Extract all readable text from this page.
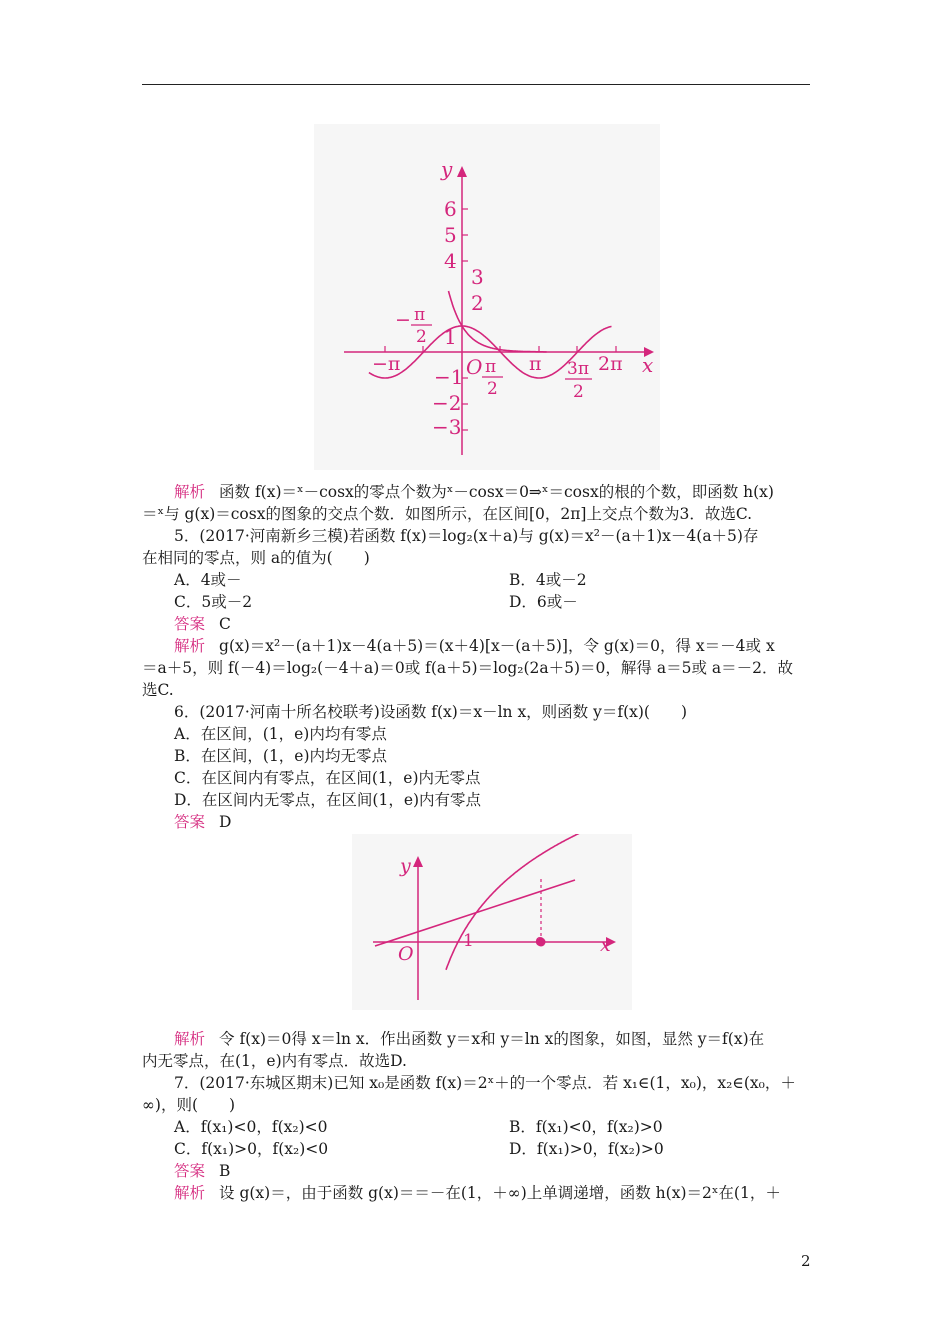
y
x
6
5
4
3
2
1
−1
−2
−3
−π	O π	2π
− π
2
π
2
3π
2
解析 函数 f(x)＝ˣ－cosx的零点个数为ˣ－cosx＝0⇒ˣ＝cosx的根的个数，即函数 h(x)
＝ˣ与 g(x)＝cosx的图象的交点个数．如图所示，在区间[0，2π]上交点个数为3．故选C.
5．(2017·河南新乡三模)若函数 f(x)＝log₂(x＋a)与 g(x)＝x²－(a＋1)x－4(a＋5)存
在相同的零点，则 a的值为(　　)
A．4或－	B．4或－2
C．5或－2	D．6或－
答案 C
解析 g(x)＝x²－(a＋1)x－4(a＋5)＝(x＋4)[x－(a＋5)]，令 g(x)＝0，得 x＝－4或 x
＝a＋5，则 f(－4)＝log₂(－4＋a)＝0或 f(a＋5)＝log₂(2a＋5)＝0，解得 a＝5或 a＝－2．故
选C.
6．(2017·河南十所名校联考)设函数 f(x)＝x－ln x，则函数 y＝f(x)(　　)
A．在区间，(1，e)内均有零点
B．在区间，(1，e)内均无零点
C．在区间内有零点，在区间(1，e)内无零点
D．在区间内无零点，在区间(1，e)内有零点
答案 D
y
x
O
1	e
解析 令 f(x)＝0得 x＝ln x．作出函数 y＝x和 y＝ln x的图象，如图，显然 y＝f(x)在
内无零点，在(1，e)内有零点．故选D.
7．(2017·东城区期末)已知 x₀是函数 f(x)＝2ˣ＋的一个零点．若 x₁∈(1，x₀)，x₂∈(x₀，＋
∞)，则(　　)
A．f(x₁)<0，f(x₂)<0	B．f(x₁)<0，f(x₂)>0
C．f(x₁)>0，f(x₂)<0	D．f(x₁)>0，f(x₂)>0
答案 B
解析 设 g(x)＝，由于函数 g(x)＝＝－在(1，＋∞)上单调递增，函数 h(x)＝2ˣ在(1，＋
2
